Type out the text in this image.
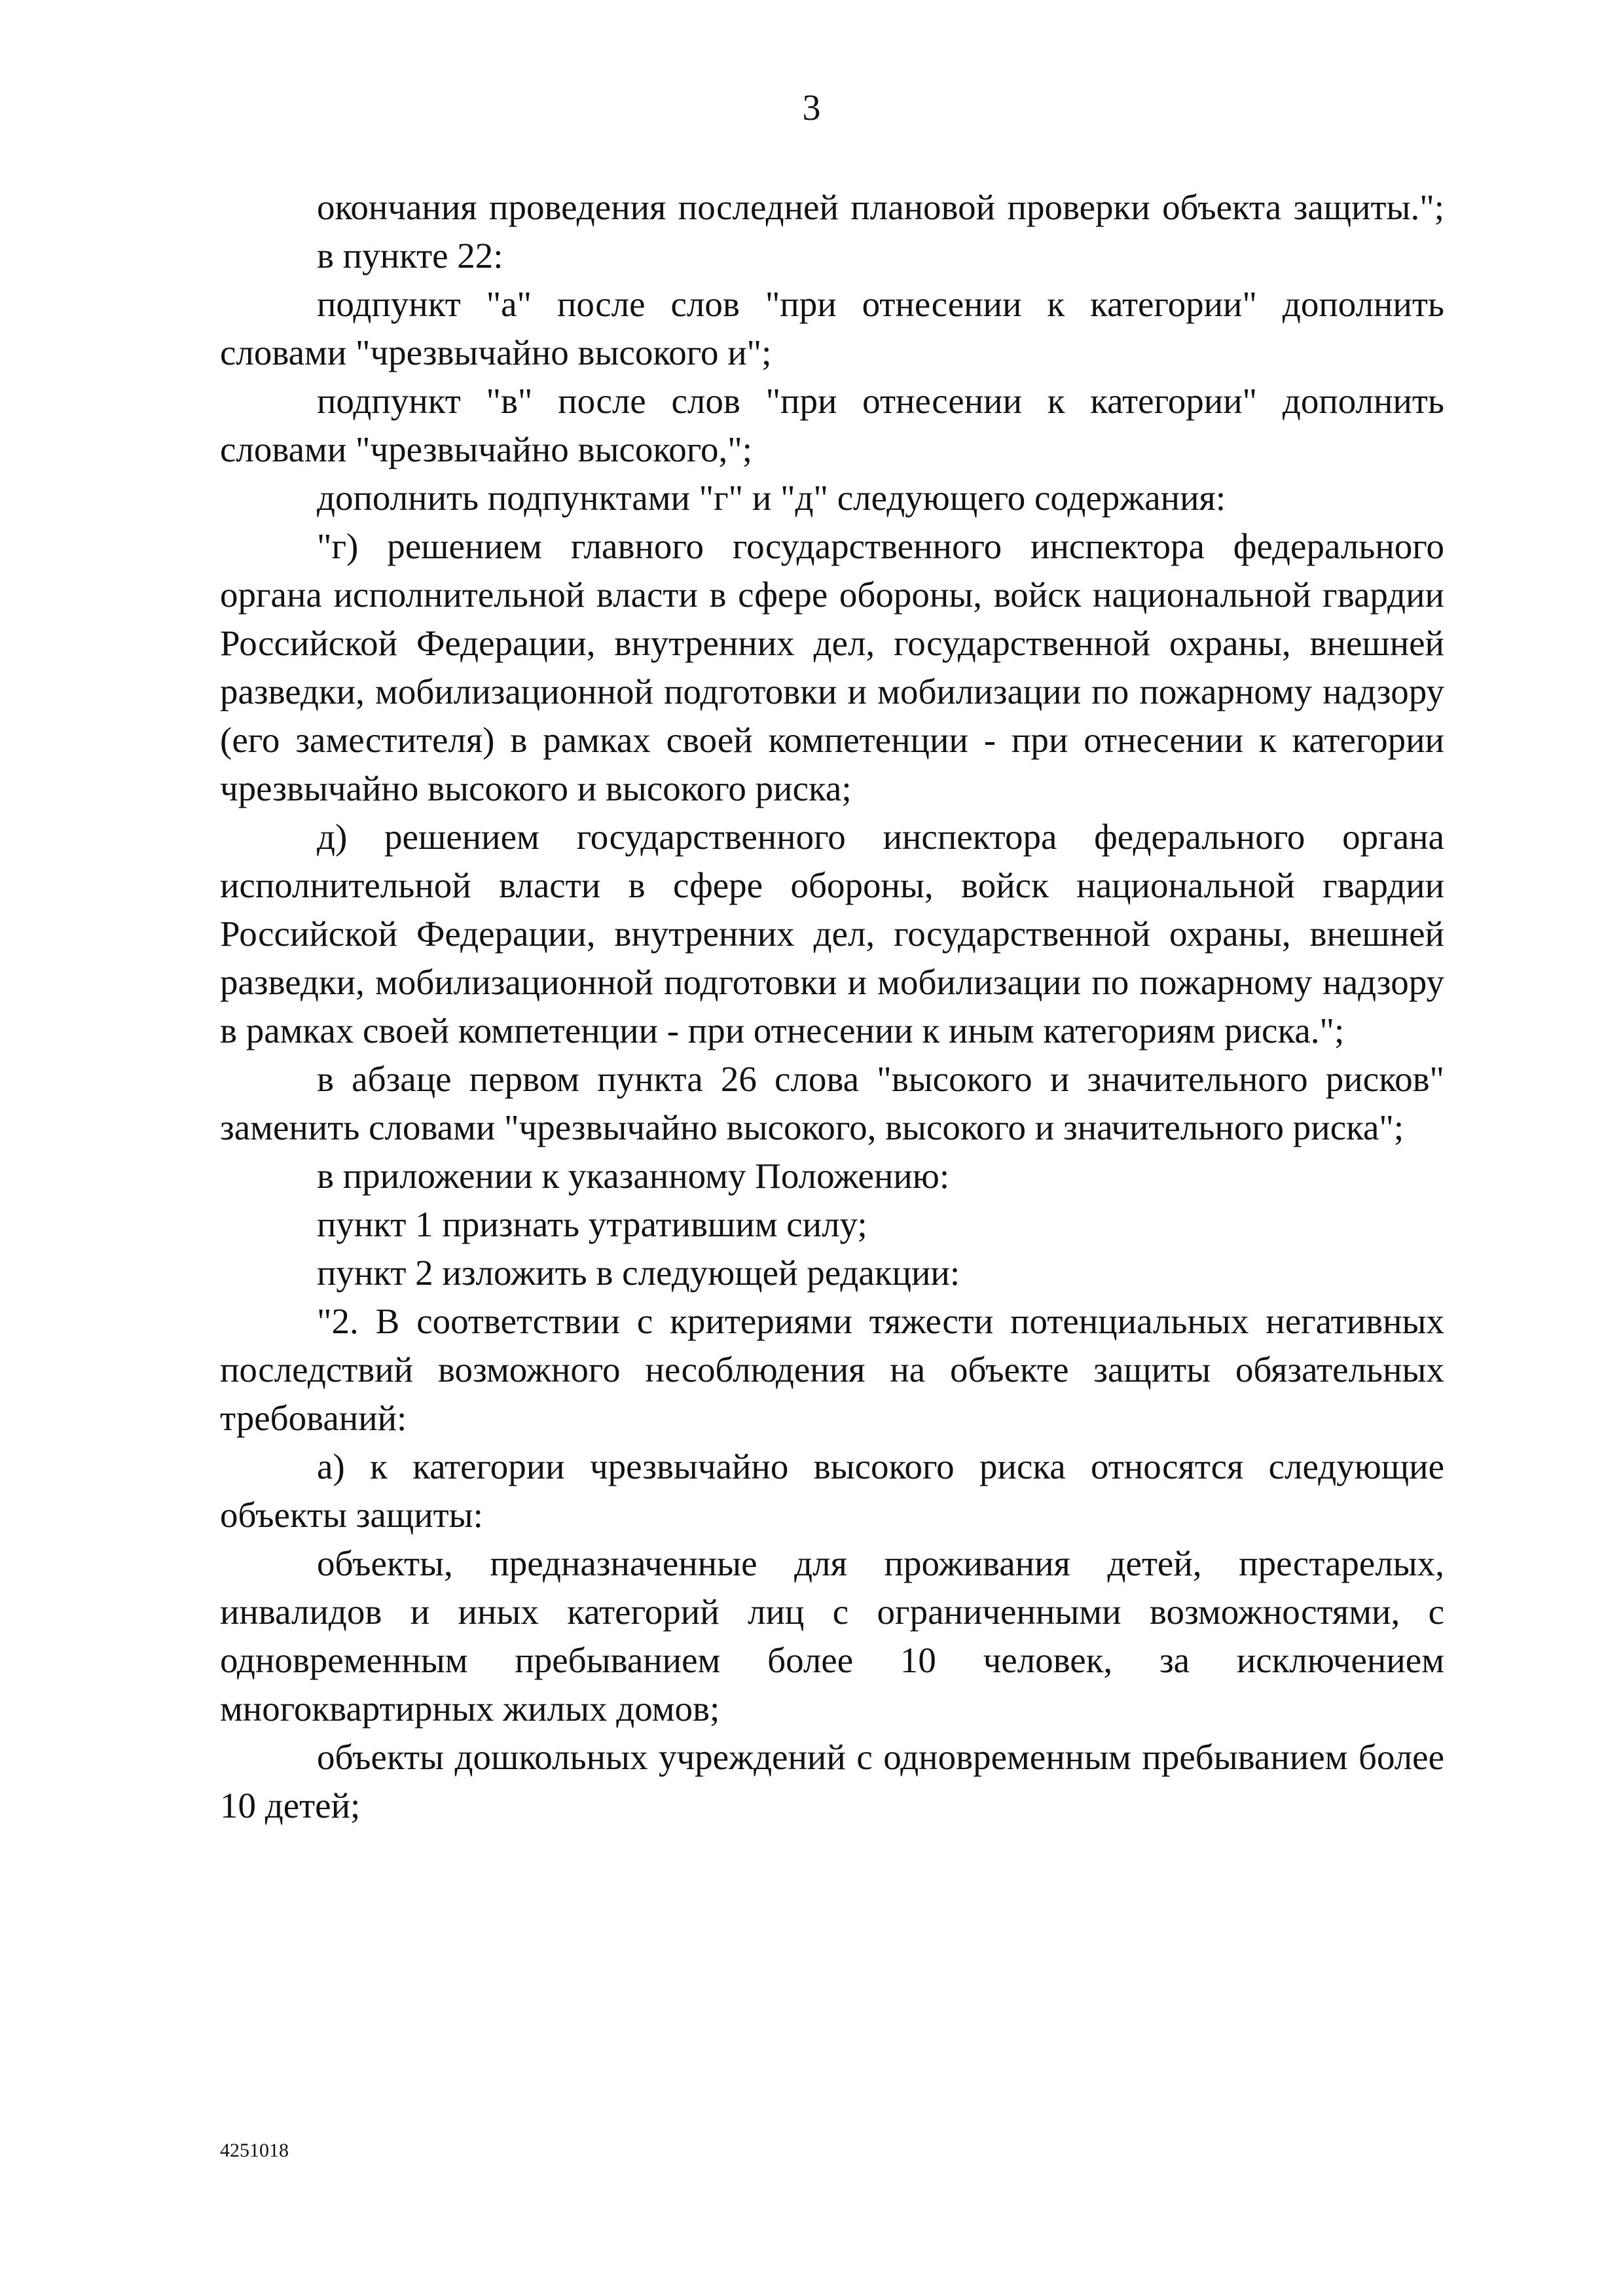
3

окончания проведения последней плановой проверки объекта защиты.";

в пункте 22:

подпункт "а" после слов "при отнесении к категории" дополнить словами "чрезвычайно высокого и";

подпункт "в" после слов "при отнесении к категории" дополнить словами "чрезвычайно высокого,";

дополнить подпунктами "г" и "д" следующего содержания:

"г) решением главного государственного инспектора федерального органа исполнительной власти в сфере обороны, войск национальной гвардии Российской Федерации, внутренних дел, государственной охраны, внешней разведки, мобилизационной подготовки и мобилизации по пожарному надзору (его заместителя) в рамках своей компетенции - при отнесении к категории чрезвычайно высокого и высокого риска;

д) решением государственного инспектора федерального органа исполнительной власти в сфере обороны, войск национальной гвардии Российской Федерации, внутренних дел, государственной охраны, внешней разведки, мобилизационной подготовки и мобилизации по пожарному надзору в рамках своей компетенции - при отнесении к иным категориям риска.";

в абзаце первом пункта 26 слова "высокого и значительного рисков" заменить словами "чрезвычайно высокого, высокого и значительного риска";

в приложении к указанному Положению:

пункт 1 признать утратившим силу;

пункт 2 изложить в следующей редакции:

"2. В соответствии с критериями тяжести потенциальных негативных последствий возможного несоблюдения на объекте защиты обязательных требований:

а) к категории чрезвычайно высокого риска относятся следующие объекты защиты:

объекты, предназначенные для проживания детей, престарелых, инвалидов и иных категорий лиц с ограниченными возможностями, с одновременным пребыванием более 10 человек, за исключением многоквартирных жилых домов;

объекты дошкольных учреждений с одновременным пребыванием более 10 детей;

4251018
